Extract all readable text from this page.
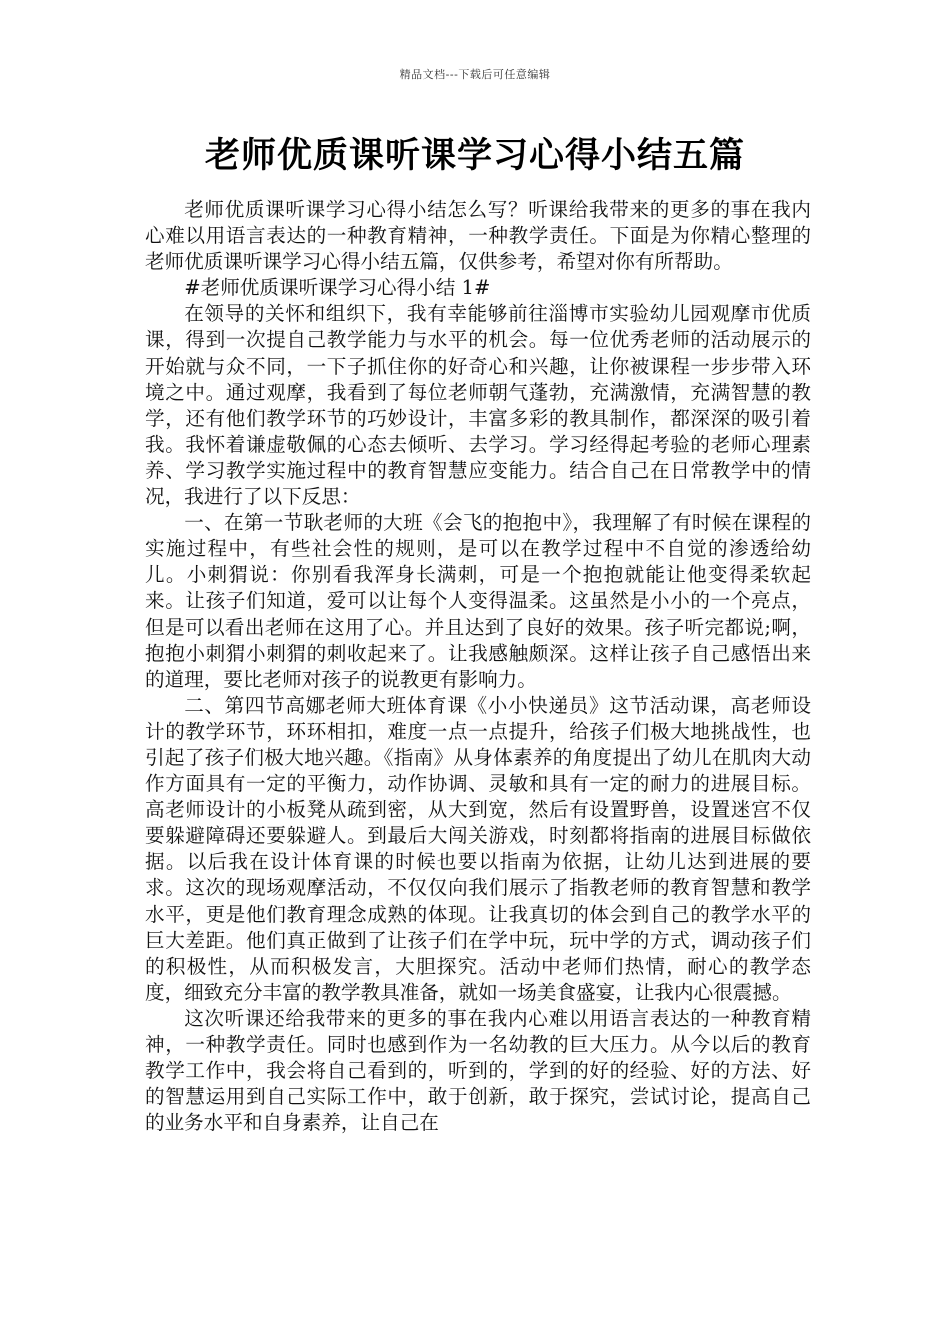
精品文档---下载后可任意编辑
老师优质课听课学习心得小结五篇

老师优质课听课学习心得小结怎么写？听课给我带来的更多的事在我内心难以用语言表达的一种教育精神，一种教学责任。下面是为你精心整理的老师优质课听课学习心得小结五篇，仅供参考，希望对你有所帮助。

#老师优质课听课学习心得小结 1#

在领导的关怀和组织下，我有幸能够前往淄博市实验幼儿园观摩市优质课，得到一次提自己教学能力与水平的机会。每一位优秀老师的活动展示的开始就与众不同，一下子抓住你的好奇心和兴趣，让你被课程一步步带入环境之中。通过观摩，我看到了每位老师朝气蓬勃，充满激情，充满智慧的教学，还有他们教学环节的巧妙设计，丰富多彩的教具制作，都深深的吸引着我。我怀着谦虚敬佩的心态去倾听、去学习。学习经得起考验的老师心理素养、学习教学实施过程中的教育智慧应变能力。结合自己在日常教学中的情况，我进行了以下反思：

一、在第一节耿老师的大班《会飞的抱抱中》，我理解了有时候在课程的实施过程中，有些社会性的规则，是可以在教学过程中不自觉的渗透给幼儿。小刺猬说：你别看我浑身长满刺，可是一个抱抱就能让他变得柔软起来。让孩子们知道，爱可以让每个人变得温柔。这虽然是小小的一个亮点，但是可以看出老师在这用了心。并且达到了良好的效果。孩子听完都说;啊，抱抱小刺猬小刺猬的刺收起来了。让我感触颇深。这样让孩子自己感悟出来的道理，要比老师对孩子的说教更有影响力。

二、第四节高娜老师大班体育课《小小快递员》这节活动课，高老师设计的教学环节，环环相扣，难度一点一点提升，给孩子们极大地挑战性，也引起了孩子们极大地兴趣。《指南》从身体素养的角度提出了幼儿在肌肉大动作方面具有一定的平衡力，动作协调、灵敏和具有一定的耐力的进展目标。高老师设计的小板凳从疏到密，从大到宽，然后有设置野兽，设置迷宫不仅要躲避障碍还要躲避人。到最后大闯关游戏，时刻都将指南的进展目标做依据。以后我在设计体育课的时候也要以指南为依据，让幼儿达到进展的要求。这次的现场观摩活动，不仅仅向我们展示了指教老师的教育智慧和教学水平，更是他们教育理念成熟的体现。让我真切的体会到自己的教学水平的巨大差距。他们真正做到了让孩子们在学中玩，玩中学的方式，调动孩子们的积极性，从而积极发言，大胆探究。活动中老师们热情，耐心的教学态度，细致充分丰富的教学教具准备，就如一场美食盛宴，让我内心很震撼。

这次听课还给我带来的更多的事在我内心难以用语言表达的一种教育精神，一种教学责任。同时也感到作为一名幼教的巨大压力。从今以后的教育教学工作中，我会将自己看到的，听到的，学到的好的经验、好的方法、好的智慧运用到自己实际工作中，敢于创新，敢于探究，尝试讨论，提高自己的业务水平和自身素养，让自己在
